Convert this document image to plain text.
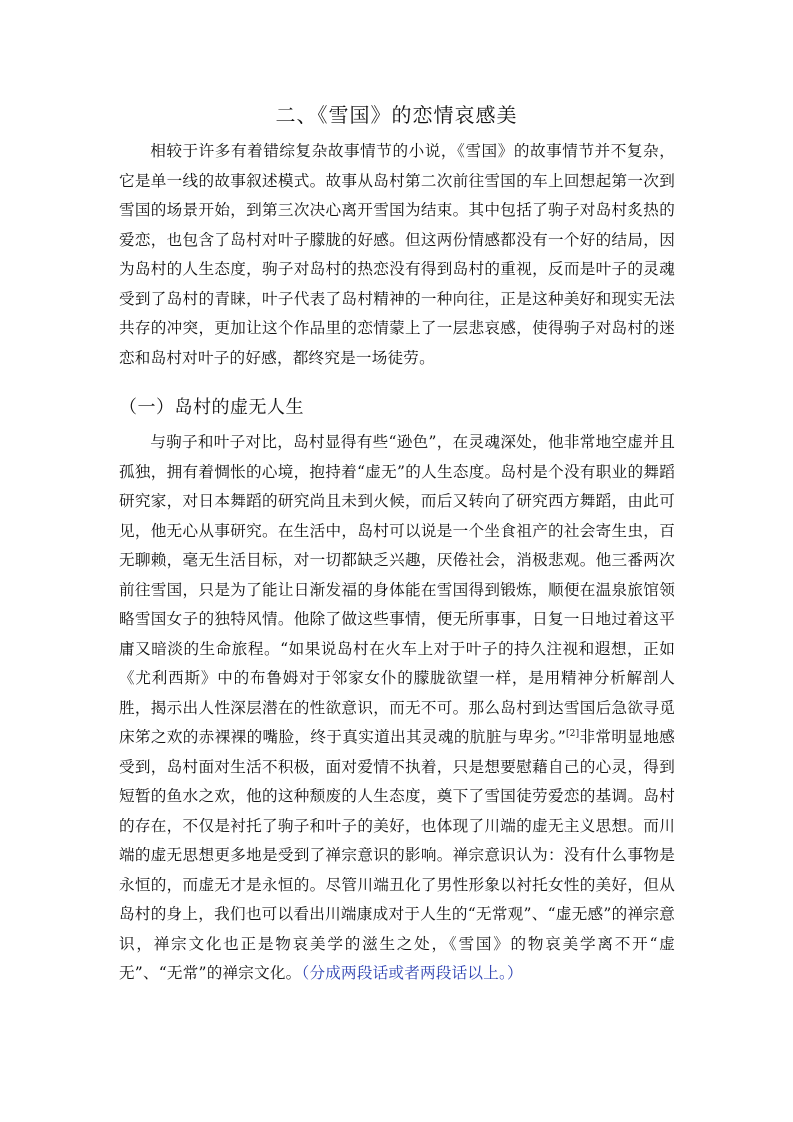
二、《雪国》的恋情哀感美

相较于许多有着错综复杂故事情节的小说，《雪国》的故事情节并不复杂，它是单一线的故事叙述模式。故事从岛村第二次前往雪国的车上回想起第一次到雪国的场景开始，到第三次决心离开雪国为结束。其中包括了驹子对岛村炙热的爱恋，也包含了岛村对叶子朦胧的好感。但这两份情感都没有一个好的结局，因为岛村的人生态度，驹子对岛村的热恋没有得到岛村的重视，反而是叶子的灵魂受到了岛村的青睐，叶子代表了岛村精神的一种向往，正是这种美好和现实无法共存的冲突，更加让这个作品里的恋情蒙上了一层悲哀感，使得驹子对岛村的迷恋和岛村对叶子的好感，都终究是一场徒劳。

（一）岛村的虚无人生

与驹子和叶子对比，岛村显得有些“逊色”，在灵魂深处，他非常地空虚并且孤独，拥有着惆怅的心境，抱持着“虚无”的人生态度。岛村是个没有职业的舞蹈研究家，对日本舞蹈的研究尚且未到火候，而后又转向了研究西方舞蹈，由此可见，他无心从事研究。在生活中，岛村可以说是一个坐食祖产的社会寄生虫，百无聊赖，毫无生活目标，对一切都缺乏兴趣，厌倦社会，消极悲观。他三番两次前往雪国，只是为了能让日渐发福的身体能在雪国得到锻炼，顺便在温泉旅馆领略雪国女子的独特风情。他除了做这些事情，便无所事事，日复一日地过着这平庸又暗淡的生命旅程。“如果说岛村在火车上对于叶子的持久注视和遐想，正如《尤利西斯》中的布鲁姆对于邻家女仆的朦胧欲望一样，是用精神分析解剖人胜，揭示出人性深层潜在的性欲意识，而无不可。那么岛村到达雪国后急欲寻觅床笫之欢的赤裸裸的嘴脸，终于真实道出其灵魂的肮脏与卑劣。”[2]非常明显地感受到，岛村面对生活不积极，面对爱情不执着，只是想要慰藉自己的心灵，得到短暂的鱼水之欢，他的这种颓废的人生态度，奠下了雪国徒劳爱恋的基调。岛村的存在，不仅是衬托了驹子和叶子的美好，也体现了川端的虚无主义思想。而川端的虚无思想更多地是受到了禅宗意识的影响。禅宗意识认为：没有什么事物是永恒的，而虚无才是永恒的。尽管川端丑化了男性形象以衬托女性的美好，但从岛村的身上，我们也可以看出川端康成对于人生的“无常观”、“虚无感”的禅宗意识，禅宗文化也正是物哀美学的滋生之处，《雪国》的物哀美学离不开“虚无”、“无常”的禅宗文化。（分成两段话或者两段话以上。）
